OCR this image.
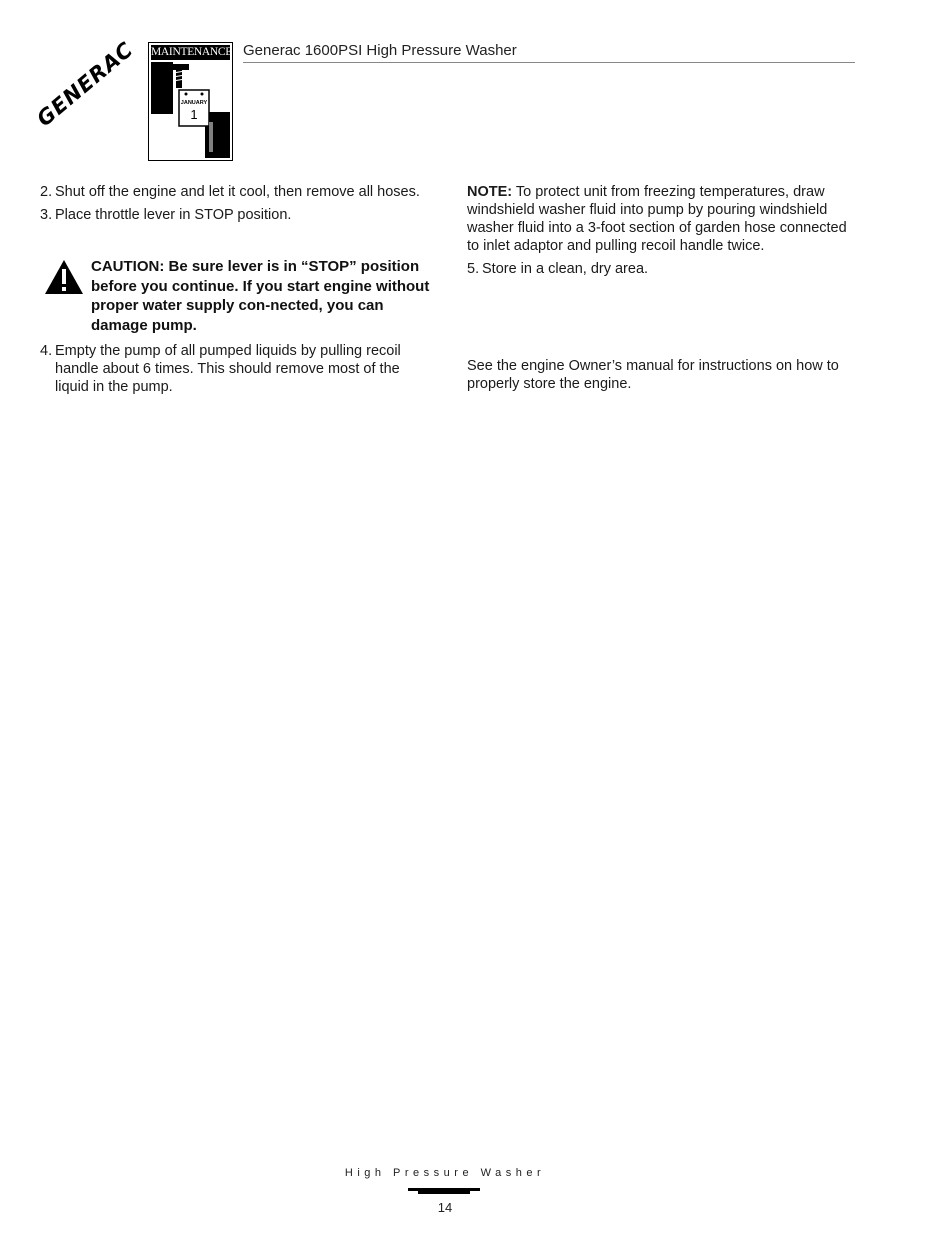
GENERAC MAINTENANCE
JANUARY
1
Generac 1600PSI High Pressure Washer
2. Shut off the engine and let it cool, then remove all hoses.
3. Place throttle lever in STOP position.
CAUTION: Be sure lever is in “STOP” position before you continue. If you start engine without proper water supply con-nected, you can damage pump.
4. Empty the pump of all pumped liquids by pulling recoil handle about 6 times. This should remove most of the liquid in the pump.
NOTE: To protect unit from freezing temperatures, draw windshield washer fluid into pump by pouring windshield washer fluid into a 3-foot section of garden hose connected to inlet adaptor and pulling recoil handle twice.
5. Store in a clean, dry area.
See the engine Owner’s manual for instructions on how to properly store the engine.
High Pressure Washer
14
